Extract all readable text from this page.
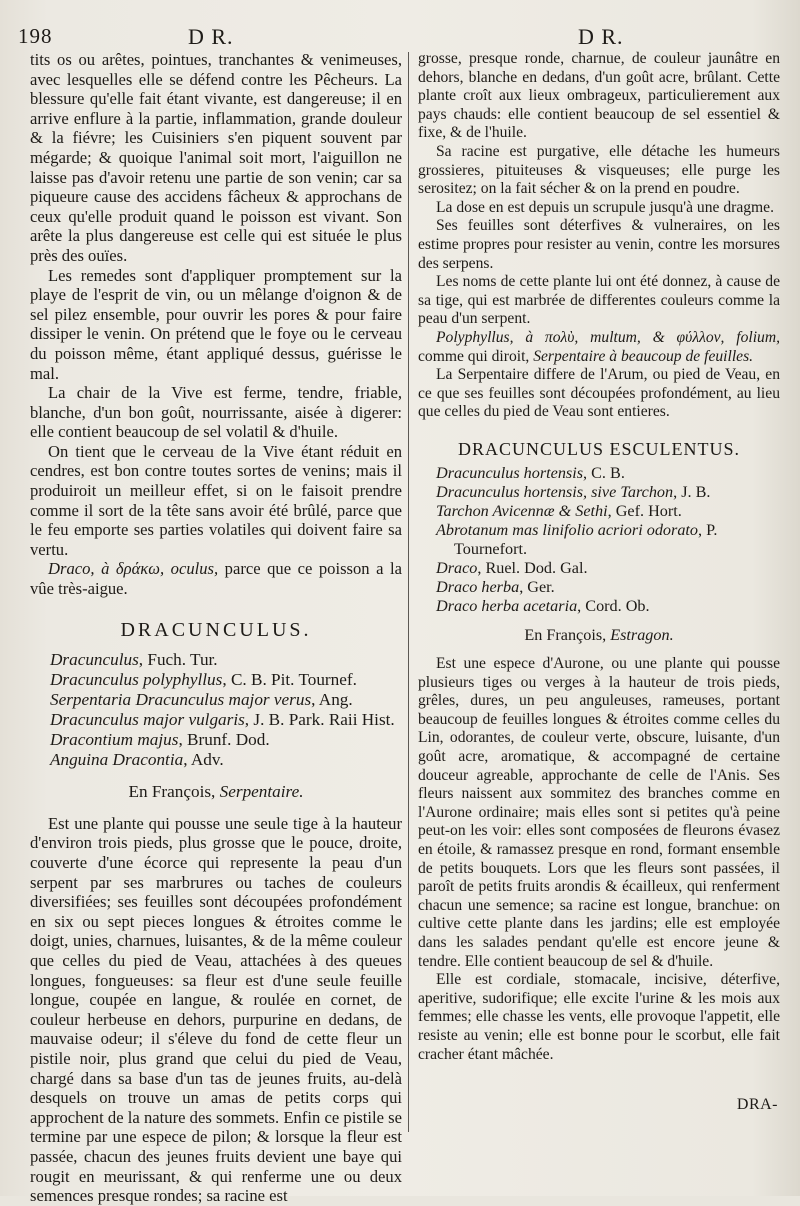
198	D R.	D R.

tits os ou arêtes, pointues, tranchantes & venimeuses, avec lesquelles elle se défend contre les Pêcheurs. La blessure qu'elle fait étant vivante, est dangereuse; il en arrive enflure à la partie, inflammation, grande douleur & la fiévre; les Cuisiniers s'en piquent souvent par mégarde; & quoique l'animal soit mort, l'aiguillon ne laisse pas d'avoir retenu une partie de son venin; car sa piqueure cause des accidens fâcheux & approchans de ceux qu'elle produit quand le poisson est vivant. Son arête la plus dangereuse est celle qui est située le plus près des ouïes.

Les remedes sont d'appliquer promptement sur la playe de l'esprit de vin, ou un mêlange d'oignon & de sel pilez ensemble, pour ouvrir les pores & pour faire dissiper le venin. On prétend que le foye ou le cerveau du poisson même, étant appliqué dessus, guérisse le mal.

La chair de la Vive est ferme, tendre, friable, blanche, d'un bon goût, nourrissante, aisée à digerer: elle contient beaucoup de sel volatil & d'huile.

On tient que le cerveau de la Vive étant réduit en cendres, est bon contre toutes sortes de venins; mais il produiroit un meilleur effet, si on le faisoit prendre comme il sort de la tête sans avoir été brûlé, parce que le feu emporte ses parties volatiles qui doivent faire sa vertu.

Draco, à δράκω, oculus, parce que ce poisson a la vûe très-aigue.

DRACUNCULUS.
Dracunculus, Fuch. Tur.
Dracunculus polyphyllus, C. B. Pit. Tournef.
Serpentaria Dracunculus major verus, Ang.
Dracunculus major vulgaris, J. B. Park. Raii Hist.
Dracontium majus, Brunf. Dod.
Anguina Dracontia, Adv.
En François, Serpentaire.

Est une plante qui pousse une seule tige à la hauteur d'environ trois pieds, plus grosse que le pouce, droite, couverte d'une écorce qui represente la peau d'un serpent par ses marbrures ou taches de couleurs diversifiées; ses feuilles sont découpées profondément en six ou sept pieces longues & étroites comme le doigt, unies, charnues, luisantes, & de la même couleur que celles du pied de Veau, attachées à des queues longues, fongueuses: sa fleur est d'une seule feuille longue, coupée en langue, & roulée en cornet, de couleur herbeuse en dehors, purpurine en dedans, de mauvaise odeur; il s'éleve du fond de cette fleur un pistile noir, plus grand que celui du pied de Veau, chargé dans sa base d'un tas de jeunes fruits, au-delà desquels on trouve un amas de petits corps qui approchent de la nature des sommets. Enfin ce pistile se termine par une espece de pilon; & lorsque la fleur est passée, chacun des jeunes fruits devient une baye qui rougit en meurissant, & qui renferme une ou deux semences presque rondes; sa racine est

grosse, presque ronde, charnue, de couleur jaunâtre en dehors, blanche en dedans, d'un goût acre, brûlant. Cette plante croît aux lieux ombrageux, particulierement aux pays chauds: elle contient beaucoup de sel essentiel & fixe, & de l'huile.

Sa racine est purgative, elle détache les humeurs grossieres, pituiteuses & visqueuses; elle purge les serositez; on la fait sécher & on la prend en poudre.

La dose en est depuis un scrupule jusqu'à une dragme.

Ses feuilles sont déterfives & vulneraires, on les estime propres pour resister au venin, contre les morsures des serpens.

Les noms de cette plante lui ont été donnez, à cause de sa tige, qui est marbrée de differentes couleurs comme la peau d'un serpent.

Polyphyllus, à πολὺ, multum, & φύλλον, folium, comme qui diroit, Serpentaire à beaucoup de feuilles.

La Serpentaire differe de l'Arum, ou pied de Veau, en ce que ses feuilles sont découpées profondément, au lieu que celles du pied de Veau sont entieres.

DRACUNCULUS ESCULENTUS.
Dracunculus hortensis, C. B.
Dracunculus hortensis, sive Tarchon, J. B.
Tarchon Avicennæ & Sethi, Gef. Hort.
Abrotanum mas linifolio acriori odorato, P. Tournefort.
Draco, Ruel. Dod. Gal.
Draco herba, Ger.
Draco herba acetaria, Cord. Ob.
En François, Estragon.

Est une espece d'Aurone, ou une plante qui pousse plusieurs tiges ou verges à la hauteur de trois pieds, grêles, dures, un peu anguleuses, rameuses, portant beaucoup de feuilles longues & étroites comme celles du Lin, odorantes, de couleur verte, obscure, luisante, d'un goût acre, aromatique, & accompagné de certaine douceur agreable, approchante de celle de l'Anis. Ses fleurs naissent aux sommitez des branches comme en l'Aurone ordinaire; mais elles sont si petites qu'à peine peut-on les voir: elles sont composées de fleurons évasez en étoile, & ramassez presque en rond, formant ensemble de petits bouquets. Lors que les fleurs sont passées, il paroît de petits fruits arondis & écailleux, qui renferment chacun une semence; sa racine est longue, branchue: on cultive cette plante dans les jardins; elle est employée dans les salades pendant qu'elle est encore jeune & tendre. Elle contient beaucoup de sel & d'huile.

Elle est cordiale, stomacale, incisive, déterfive, aperitive, sudorifique; elle excite l'urine & les mois aux femmes; elle chasse les vents, elle provoque l'appetit, elle resiste au venin; elle est bonne pour le scorbut, elle fait cracher étant mâchée.

DRA-
